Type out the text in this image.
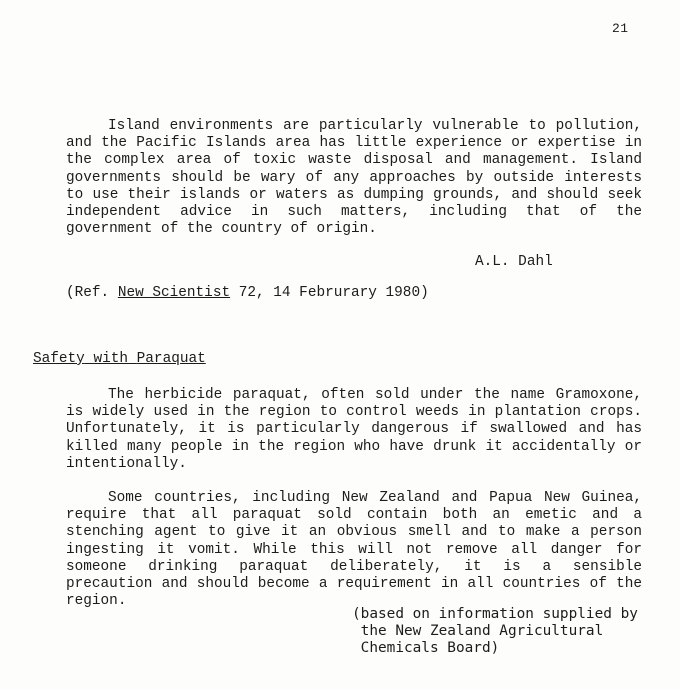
21

Island environments are particularly vulnerable to pollution, and the Pacific Islands area has little experience or expertise in the complex area of toxic waste disposal and management. Island governments should be wary of any approaches by outside interests to use their islands or waters as dumping grounds, and should seek independent advice in such matters, including that of the government of the country of origin.

A.L. Dahl
(Ref. New Scientist 72, 14 Februrary 1980)
Safety with Paraquat

The herbicide paraquat, often sold under the name Gramoxone, is widely used in the region to control weeds in plantation crops. Unfortunately, it is particularly dangerous if swallowed and has killed many people in the region who have drunk it accidentally or intentionally.

Some countries, including New Zealand and Papua New Guinea, require that all paraquat sold contain both an emetic and a stenching agent to give it an obvious smell and to make a person ingesting it vomit. While this will not remove all danger for someone drinking paraquat deliberately, it is a sensible precaution and should become a requirement in all countries of the region.

(based on information supplied by
the New Zealand Agricultural
Chemicals Board)
